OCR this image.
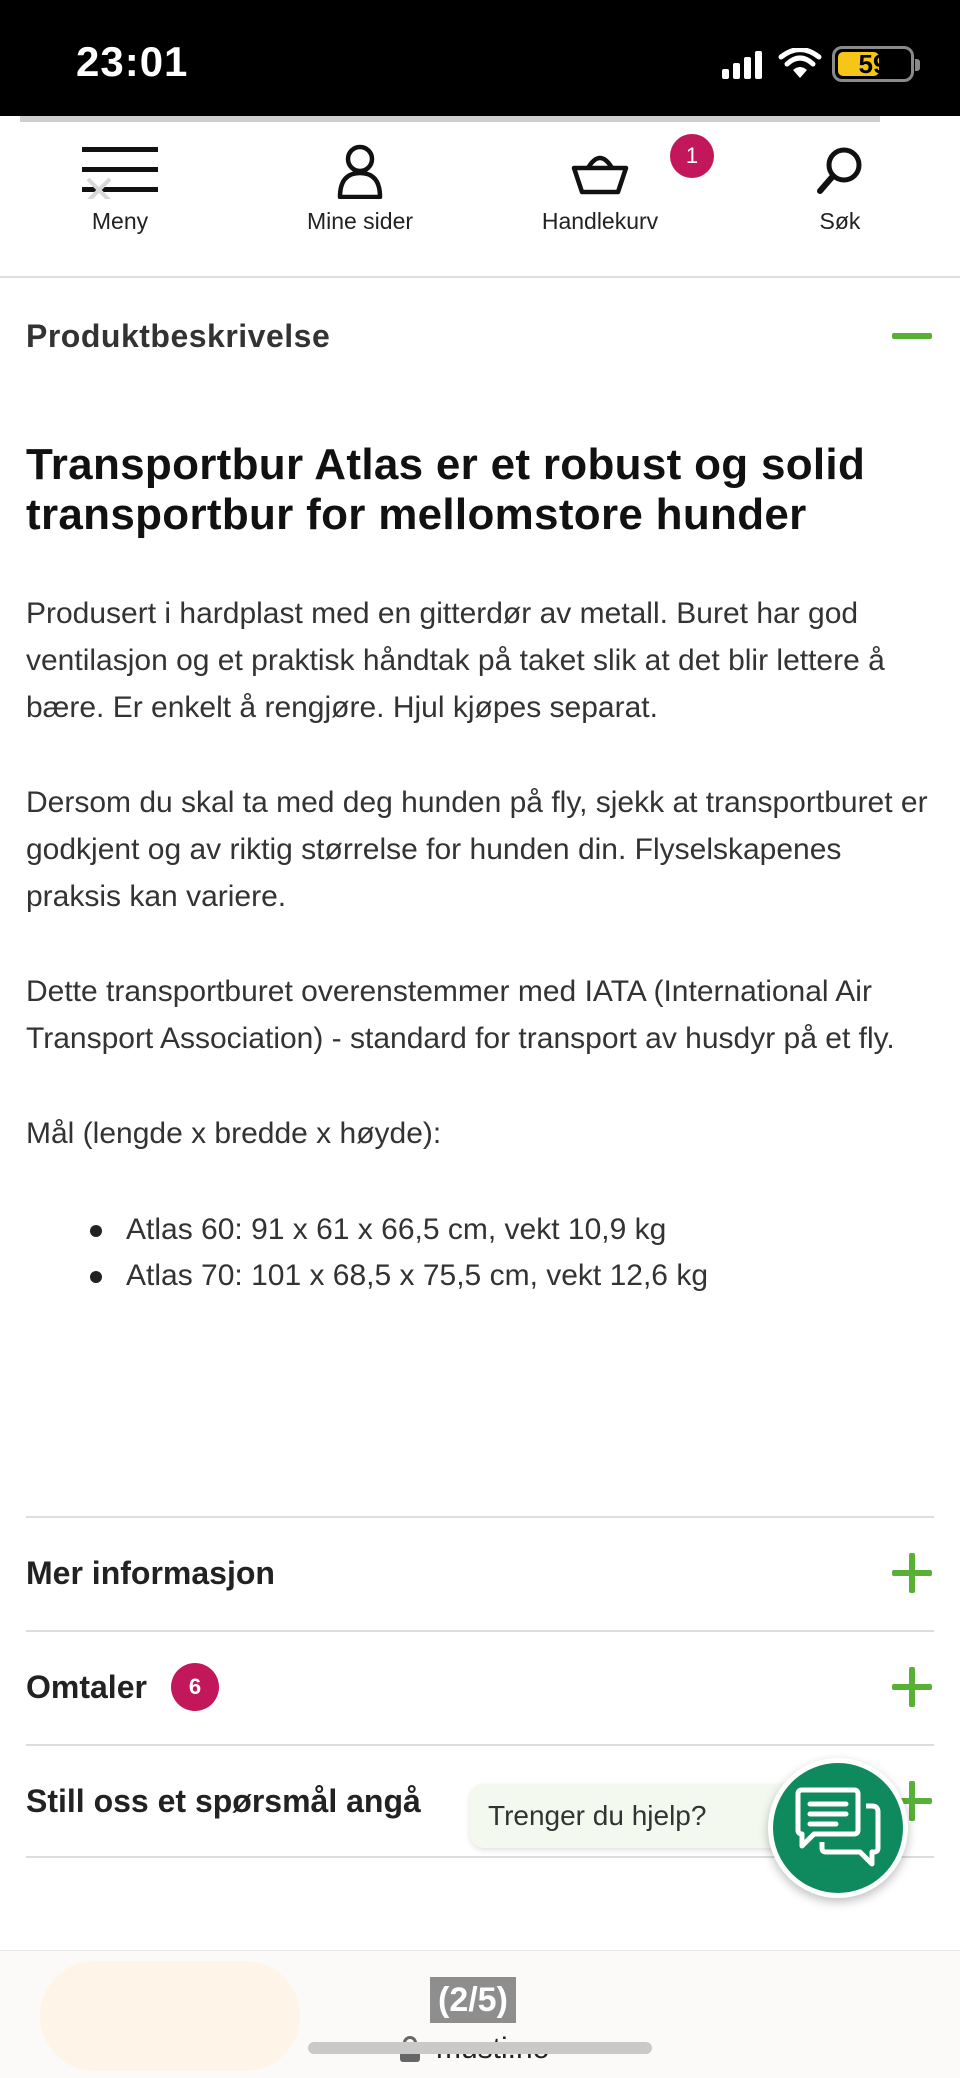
23:01	59
Meny	Mine sider
1
Handlekurv	Søk
Produktbeskrivelse
Transportbur Atlas er et robust og solid transportbur for mellomstore hunder

Produsert i hardplast med en gitterdør av metall. Buret har god ventilasjon og et praktisk håndtak på taket slik at det blir lettere å bære. Er enkelt å rengjøre. Hjul kjøpes separat.

Dersom du skal ta med deg hunden på fly, sjekk at transportburet er godkjent og av riktig størrelse for hunden din. Flyselskapenes praksis kan variere.

Dette transportburet overenstemmer med IATA (International Air Transport Association) - standard for transport av husdyr på et fly.

Mål (lengde x bredde x høyde):

Atlas 60: 91 x 61 x 66,5 cm, vekt 10,9 kg
Atlas 70: 101 x 68,5 x 75,5 cm, vekt 12,6 kg
Mer informasjon
Omtaler	6
Still oss et spørsmål angå	Trenger du hjelp?
(2/5)
